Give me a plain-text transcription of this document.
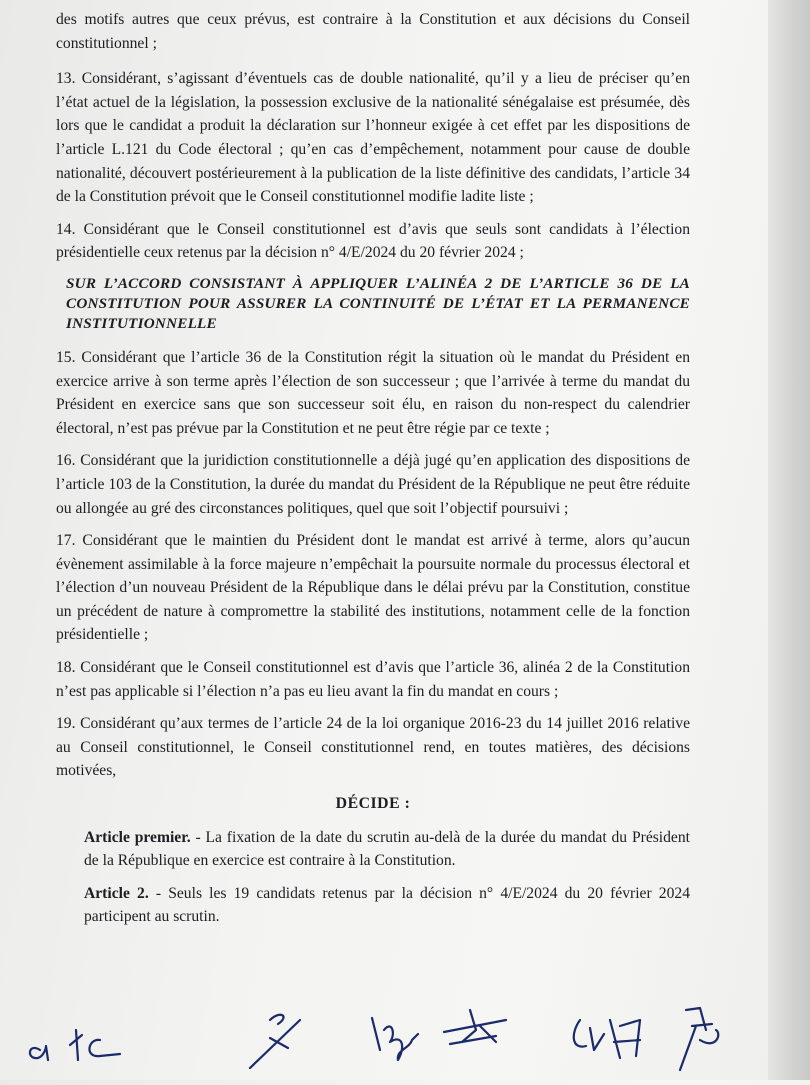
des motifs autres que ceux prévus, est contraire à la Constitution et aux décisions du Conseil constitutionnel ;

13. Considérant, s’agissant d’éventuels cas de double nationalité, qu’il y a lieu de préciser qu’en l’état actuel de la législation, la possession exclusive de la nationalité sénégalaise est présumée, dès lors que le candidat a produit la déclaration sur l’honneur exigée à cet effet par les dispositions de l’article L.121 du Code électoral ; qu’en cas d’empêchement, notamment pour cause de double nationalité, découvert postérieurement à la publication de la liste définitive des candidats, l’article 34 de la Constitution prévoit que le Conseil constitutionnel modifie ladite liste ;

14. Considérant que le Conseil constitutionnel est d’avis que seuls sont candidats à l’élection présidentielle ceux retenus par la décision n° 4/E/2024 du 20 février 2024 ;

SUR L’ACCORD CONSISTANT À APPLIQUER L’ALINÉA 2 DE L’ARTICLE 36 DE LA CONSTITUTION POUR ASSURER LA CONTINUITÉ DE L’ÉTAT ET LA PERMANENCE INSTITUTIONNELLE

15. Considérant que l’article 36 de la Constitution régit la situation où le mandat du Président en exercice arrive à son terme après l’élection de son successeur ; que l’arrivée à terme du mandat du Président en exercice sans que son successeur soit élu, en raison du non-respect du calendrier électoral, n’est pas prévue par la Constitution et ne peut être régie par ce texte ;

16. Considérant que la juridiction constitutionnelle a déjà jugé qu’en application des dispositions de l’article 103 de la Constitution, la durée du mandat du Président de la République ne peut être réduite ou allongée au gré des circonstances politiques, quel que soit l’objectif poursuivi ;

17. Considérant que le maintien du Président dont le mandat est arrivé à terme, alors qu’aucun évènement assimilable à la force majeure n’empêchait la poursuite normale du processus électoral et l’élection d’un nouveau Président de la République dans le délai prévu par la Constitution, constitue un précédent de nature à compromettre la stabilité des institutions, notamment celle de la fonction présidentielle ;

18. Considérant que le Conseil constitutionnel est d’avis que l’article 36, alinéa 2 de la Constitution n’est pas applicable si l’élection n’a pas eu lieu avant la fin du mandat en cours ;

19. Considérant qu’aux termes de l’article 24 de la loi organique 2016-23 du 14 juillet 2016 relative au Conseil constitutionnel, le Conseil constitutionnel rend, en toutes matières, des décisions motivées,

DÉCIDE :

Article premier. - La fixation de la date du scrutin au-delà de la durée du mandat du Président de la République en exercice est contraire à la Constitution.

Article 2. - Seuls les 19 candidats retenus par la décision n° 4/E/2024 du 20 février 2024 participent au scrutin.
